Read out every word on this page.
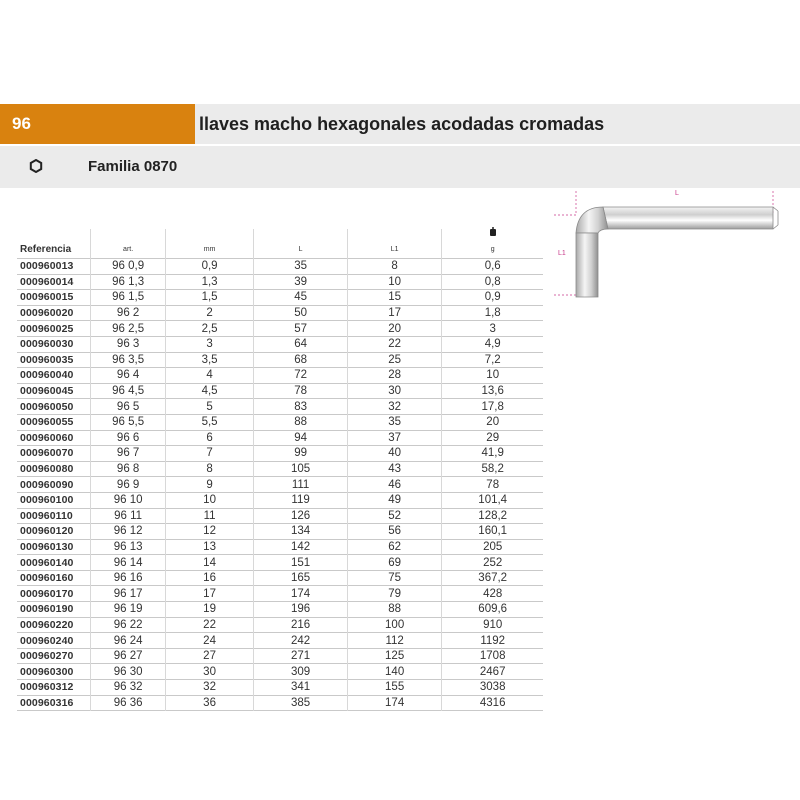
96	llaves macho hexagonales acodadas cromadas
Familia 0870
L
L1
Referencia	art.	mm	L	L1	g
000960013	96 0,9	0,9	35	8	0,6
000960014	96 1,3	1,3	39	10	0,8
000960015	96 1,5	1,5	45	15	0,9
000960020	96 2	2	50	17	1,8
000960025	96 2,5	2,5	57	20	3
000960030	96 3	3	64	22	4,9
000960035	96 3,5	3,5	68	25	7,2
000960040	96 4	4	72	28	10
000960045	96 4,5	4,5	78	30	13,6
000960050	96 5	5	83	32	17,8
000960055	96 5,5	5,5	88	35	20
000960060	96 6	6	94	37	29
000960070	96 7	7	99	40	41,9
000960080	96 8	8	105	43	58,2
000960090	96 9	9	111	46	78
000960100	96 10	10	119	49	101,4
000960110	96 11	11	126	52	128,2
000960120	96 12	12	134	56	160,1
000960130	96 13	13	142	62	205
000960140	96 14	14	151	69	252
000960160	96 16	16	165	75	367,2
000960170	96 17	17	174	79	428
000960190	96 19	19	196	88	609,6
000960220	96 22	22	216	100	910
000960240	96 24	24	242	112	1192
000960270	96 27	27	271	125	1708
000960300	96 30	30	309	140	2467
000960312	96 32	32	341	155	3038
000960316	96 36	36	385	174	4316
